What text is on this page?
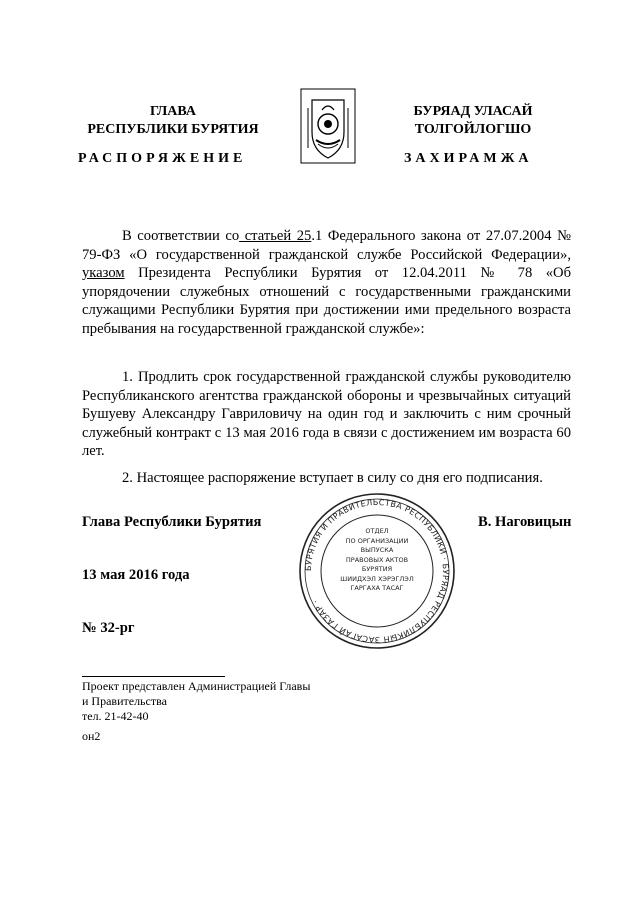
ГЛАВА
РЕСПУБЛИКИ БУРЯТИЯ
БУРЯАД УЛАСАЙ
ТОЛГОЙЛОГШО
РАСПОРЯЖЕНИЕ	ЗАХИРАМЖА
В соответствии со статьей 25.1 Федерального закона от 27.07.2004 № 79-ФЗ «О государственной гражданской службе Российской Федерации», указом Президента Республики Бурятия от 12.04.2011 № 78 «Об упорядочении служебных отношений с государственными гражданскими служащими Республики Бурятия при достижении ими предельного возраста пребывания на государственной гражданской службе»:
1. Продлить срок государственной гражданской службы руководителю Республиканского агентства гражданской обороны и чрезвычайных ситуаций Бушуеву Александру Гавриловичу на один год и заключить с ним срочный служебный контракт с 13 мая 2016 года в связи с достижением им возраста 60 лет.
2. Настоящее распоряжение вступает в силу со дня его подписания.
Глава Республики Бурятия	В. Наговицын
13 мая 2016 года
№ 32-рг
БУРЯТИЯ И ПРАВИТЕЛЬСТВА РЕСПУБЛИКИ · БУРЯАД РЕСПУБЛИКЫН ЗАСАГАЙ ГАЗАР ·
ОТДЕЛ
ПО ОРГАНИЗАЦИИ
ВЫПУСКА
ПРАВОВЫХ АКТОВ
БУРЯТИЯ
ШИИДХЭЛ ХЭРЭГЛЭЛ
ГАРГАХА ТАСАГ
Проект представлен Администрацией Главы
и Правительства
тел. 21-42-40
он2
